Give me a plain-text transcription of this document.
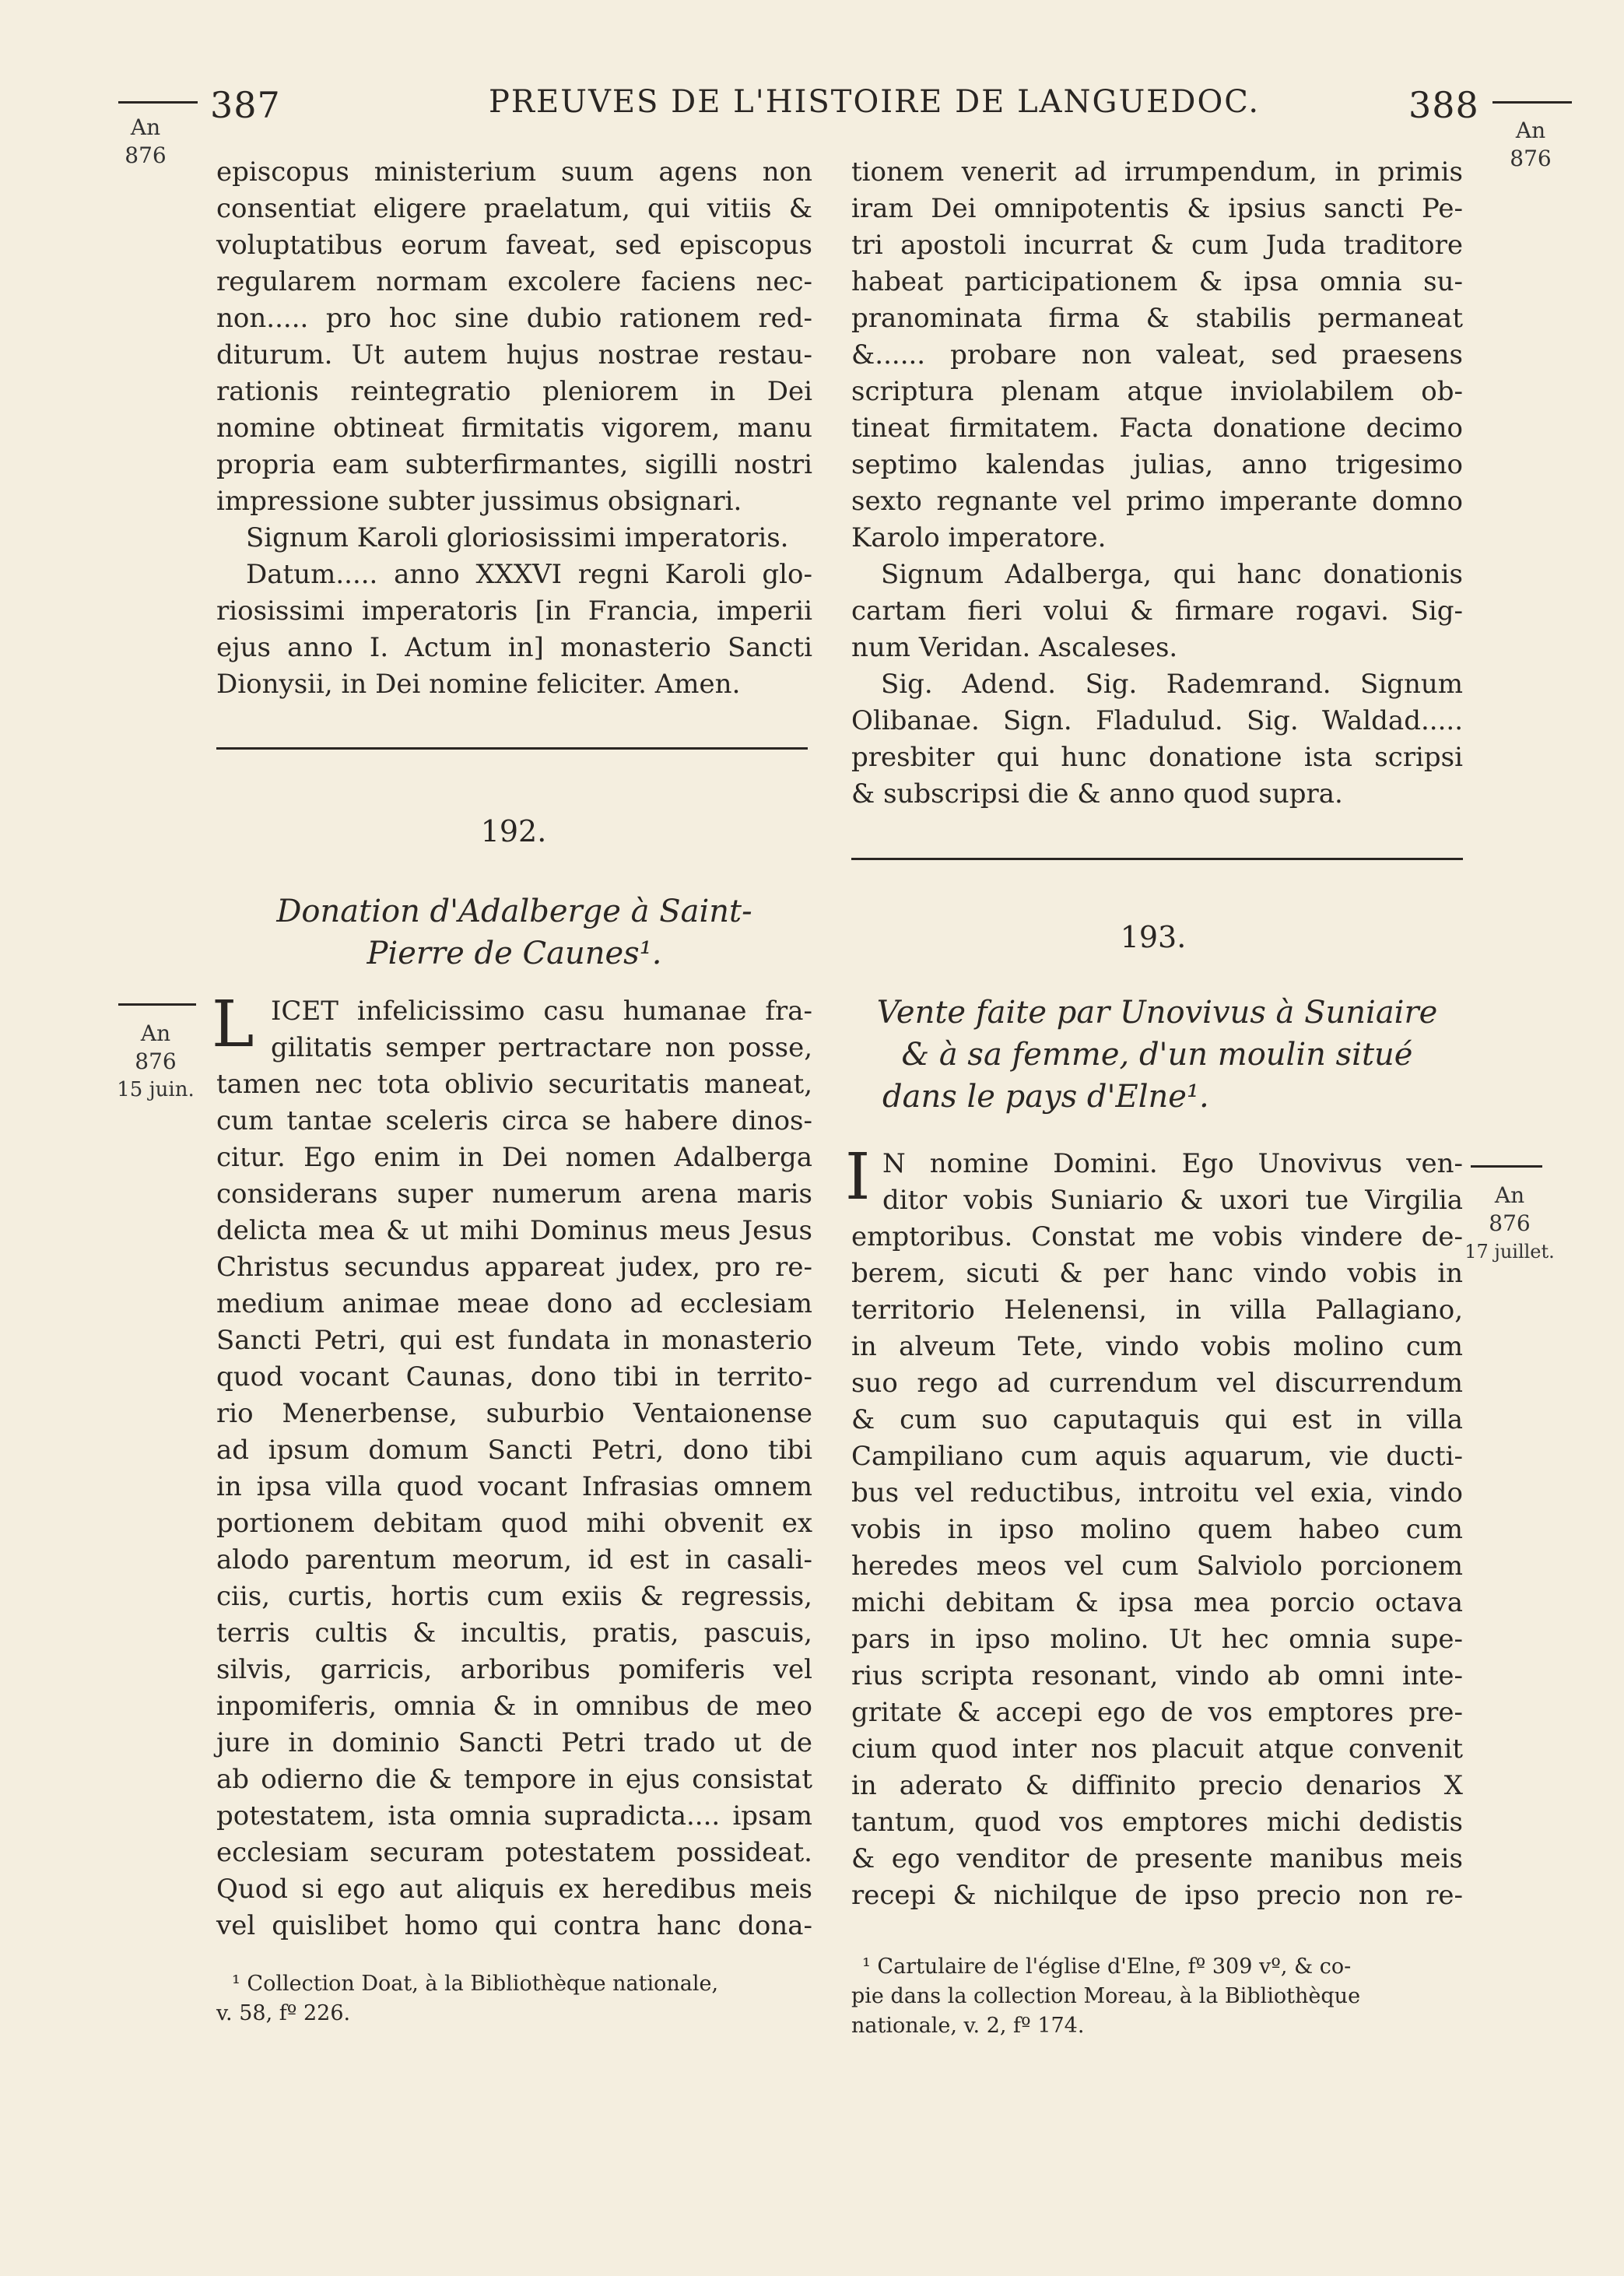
387	PREUVES DE L'HISTOIRE DE LANGUEDOC.	388
An
876
An
876
episcopus ministerium suum agens non
consentiat eligere praelatum, qui vitiis &
voluptatibus eorum faveat, sed episcopus
regularem normam excolere faciens nec-
non..... pro hoc sine dubio rationem red-
diturum. Ut autem hujus nostrae restau-
rationis reintegratio pleniorem in Dei
nomine obtineat firmitatis vigorem, manu
propria eam subterfirmantes, sigilli nostri
impressione subter jussimus obsignari.
Signum Karoli gloriosissimi imperatoris.
Datum..... anno XXXVI regni Karoli glo-
riosissimi imperatoris [in Francia, imperii
ejus anno I. Actum in] monasterio Sancti
Dionysii, in Dei nomine feliciter. Amen.
192.
Donation d'Adalberge à Saint-
Pierre de Caunes¹.
An
876
15 juin.
L ICET infelicissimo casu humanae fra-
gilitatis semper pertractare non posse,
tamen nec tota oblivio securitatis maneat,
cum tantae sceleris circa se habere dinos-
citur. Ego enim in Dei nomen Adalberga
considerans super numerum arena maris
delicta mea & ut mihi Dominus meus Jesus
Christus secundus appareat judex, pro re-
medium animae meae dono ad ecclesiam
Sancti Petri, qui est fundata in monasterio
quod vocant Caunas, dono tibi in territo-
rio Menerbense, suburbio Ventaionense
ad ipsum domum Sancti Petri, dono tibi
in ipsa villa quod vocant Infrasias omnem
portionem debitam quod mihi obvenit ex
alodo parentum meorum, id est in casali-
ciis, curtis, hortis cum exiis & regressis,
terris cultis & incultis, pratis, pascuis,
silvis, garricis, arboribus pomiferis vel
inpomiferis, omnia & in omnibus de meo
jure in dominio Sancti Petri trado ut de
ab odierno die & tempore in ejus consistat
potestatem, ista omnia supradicta.... ipsam
ecclesiam securam potestatem possideat.
Quod si ego aut aliquis ex heredibus meis
vel quislibet homo qui contra hanc dona-
¹ Collection Doat, à la Bibliothèque nationale,
v. 58, fº 226.
tionem venerit ad irrumpendum, in primis
iram Dei omnipotentis & ipsius sancti Pe-
tri apostoli incurrat & cum Juda traditore
habeat participationem & ipsa omnia su-
pranominata firma & stabilis permaneat
&...... probare non valeat, sed praesens
scriptura plenam atque inviolabilem ob-
tineat firmitatem. Facta donatione decimo
septimo kalendas julias, anno trigesimo
sexto regnante vel primo imperante domno
Karolo imperatore.
Signum Adalberga, qui hanc donationis
cartam fieri volui & firmare rogavi. Sig-
num Veridan. Ascaleses.
Sig. Adend. Sig. Rademrand. Signum
Olibanae. Sign. Fladulud. Sig. Waldad.....
presbiter qui hunc donatione ista scripsi
& subscripsi die & anno quod supra.
193.
Vente faite par Unovivus à Suniaire
& à sa femme, d'un moulin situé
dans le pays d'Elne¹.
An
876
17 juillet.
I N nomine Domini. Ego Unovivus ven-
ditor vobis Suniario & uxori tue Virgilia
emptoribus. Constat me vobis vindere de-
berem, sicuti & per hanc vindo vobis in
territorio Helenensi, in villa Pallagiano,
in alveum Tete, vindo vobis molino cum
suo rego ad currendum vel discurrendum
& cum suo caputaquis qui est in villa
Campiliano cum aquis aquarum, vie ducti-
bus vel reductibus, introitu vel exia, vindo
vobis in ipso molino quem habeo cum
heredes meos vel cum Salviolo porcionem
michi debitam & ipsa mea porcio octava
pars in ipso molino. Ut hec omnia supe-
rius scripta resonant, vindo ab omni inte-
gritate & accepi ego de vos emptores pre-
cium quod inter nos placuit atque convenit
in aderato & diffinito precio denarios X
tantum, quod vos emptores michi dedistis
& ego venditor de presente manibus meis
recepi & nichilque de ipso precio non re-
¹ Cartulaire de l'église d'Elne, fº 309 vº, & co-
pie dans la collection Moreau, à la Bibliothèque
nationale, v. 2, fº 174.
